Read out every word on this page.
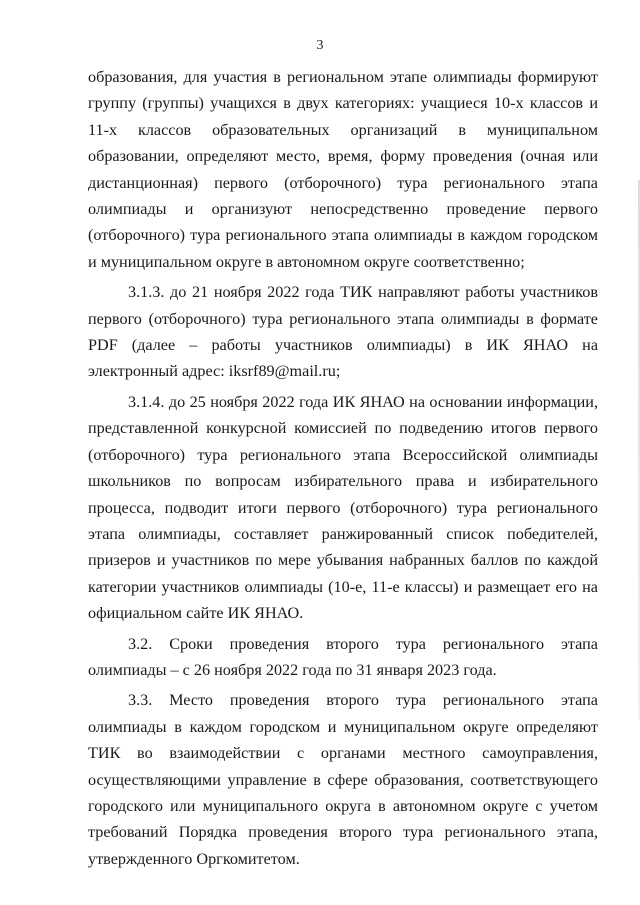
3

образования, для участия в региональном этапе олимпиады формируют группу (группы) учащихся в двух категориях: учащиеся 10-х классов и 11-х классов образовательных организаций в муниципальном образовании, определяют место, время, форму проведения (очная или дистанционная) первого (отборочного) тура регионального этапа олимпиады и организуют непосредственно проведение первого (отборочного) тура регионального этапа олимпиады в каждом городском и муниципальном округе в автономном округе соответственно;

3.1.3. до 21 ноября 2022 года ТИК направляют работы участников первого (отборочного) тура регионального этапа олимпиады в формате PDF (далее – работы участников олимпиады) в ИК ЯНАО на электронный адрес: iksrf89@mail.ru;

3.1.4. до 25 ноября 2022 года ИК ЯНАО на основании информации, представленной конкурсной комиссией по подведению итогов первого (отборочного) тура регионального этапа Всероссийской олимпиады школьников по вопросам избирательного права и избирательного процесса, подводит итоги первого (отборочного) тура регионального этапа олимпиады, составляет ранжированный список победителей, призеров и участников по мере убывания набранных баллов по каждой категории участников олимпиады (10-е, 11-е классы) и размещает его на официальном сайте ИК ЯНАО.

3.2. Сроки проведения второго тура регионального этапа олимпиады – с 26 ноября 2022 года по 31 января 2023 года.

3.3. Место проведения второго тура регионального этапа олимпиады в каждом городском и муниципальном округе определяют ТИК во взаимодействии с органами местного самоуправления, осуществляющими управление в сфере образования, соответствующего городского или муниципального округа в автономном округе с учетом требований Порядка проведения второго тура регионального этапа, утвержденного Оргкомитетом.
